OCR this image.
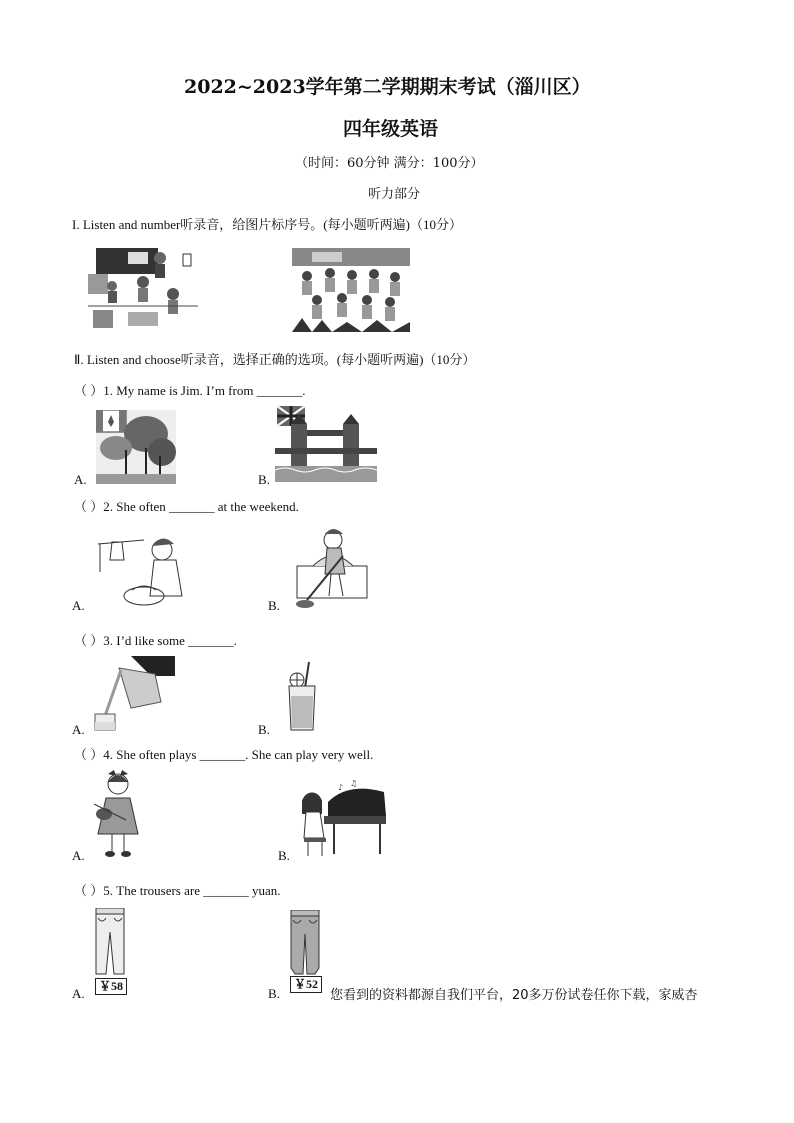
2022~2023学年第二学期期末考试（淄川区）
四年级英语
（时间：60分钟 满分：100分）
听力部分
I. Listen and number听录音，给图片标序号。(每小题听两遍)（10分）
Ⅱ. Listen and choose听录音，选择正确的选项。(每小题听两遍)（10分）
（ ）1. My name is Jim. I’m from _______.
A.	B.
（ ）2. She often _______ at the weekend.
A.	B.
（ ）3. I’d like some _______.
A.	B.
（ ）4. She often plays _______. She can play very well.
A.	B.
♪ ♫
（ ）5. The trousers are _______ yuan.
A.	￥58	B.
￥52
您看到的资料都源自我们平台，20多万份试卷任你下载，家威杏
